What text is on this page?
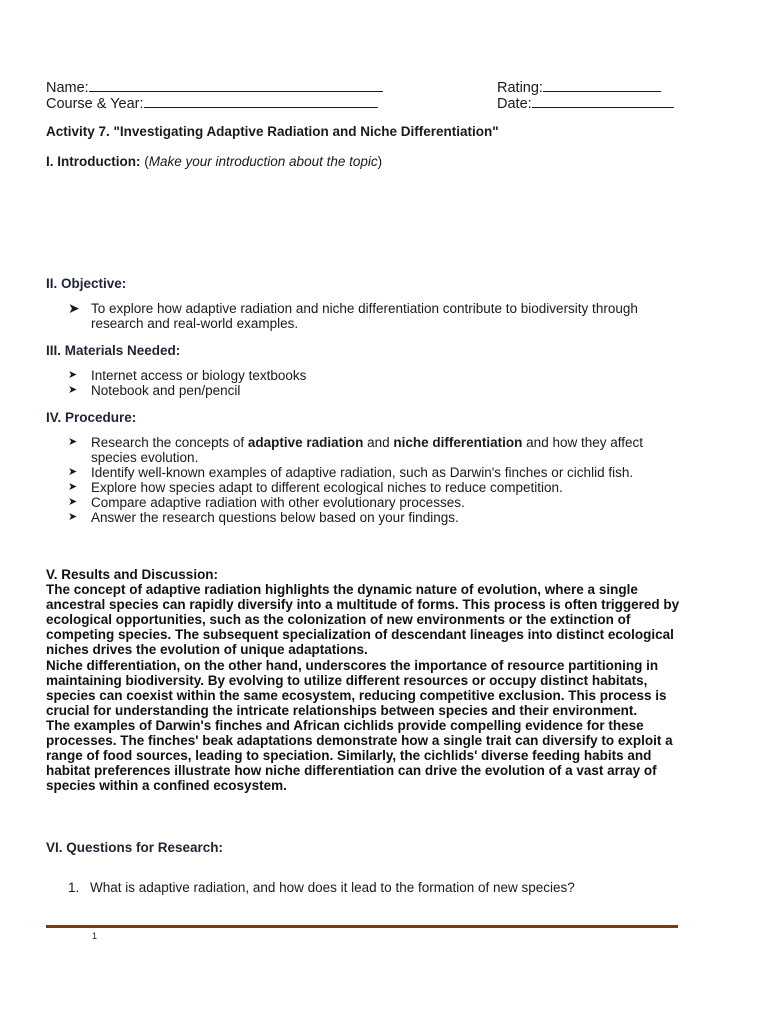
Name:
Course & Year:
Rating:
Date:
Activity 7. "Investigating Adaptive Radiation and Niche Differentiation"
I. Introduction: (Make your introduction about the topic)
II. Objective:
➤ To explore how adaptive radiation and niche differentiation contribute to biodiversity through research and real-world examples.
III. Materials Needed:
➤ Internet access or biology textbooks
➤ Notebook and pen/pencil
IV. Procedure:
➤ Research the concepts of adaptive radiation and niche differentiation and how they affect species evolution.
➤ Identify well-known examples of adaptive radiation, such as Darwin's finches or cichlid fish.
➤ Explore how species adapt to different ecological niches to reduce competition.
➤ Compare adaptive radiation with other evolutionary processes.
➤ Answer the research questions below based on your findings.

V. Results and Discussion:

The concept of adaptive radiation highlights the dynamic nature of evolution, where a single ancestral species can rapidly diversify into a multitude of forms. This process is often triggered by ecological opportunities, such as the colonization of new environments or the extinction of competing species. The subsequent specialization of descendant lineages into distinct ecological niches drives the evolution of unique adaptations.

Niche differentiation, on the other hand, underscores the importance of resource partitioning in maintaining biodiversity. By evolving to utilize different resources or occupy distinct habitats, species can coexist within the same ecosystem, reducing competitive exclusion. This process is crucial for understanding the intricate relationships between species and their environment.

The examples of Darwin's finches and African cichlids provide compelling evidence for these processes. The finches' beak adaptations demonstrate how a single trait can diversify to exploit a range of food sources, leading to speciation. Similarly, the cichlids' diverse feeding habits and habitat preferences illustrate how niche differentiation can drive the evolution of a vast array of species within a confined ecosystem.

VI. Questions for Research:
1. What is adaptive radiation, and how does it lead to the formation of new species?
1
